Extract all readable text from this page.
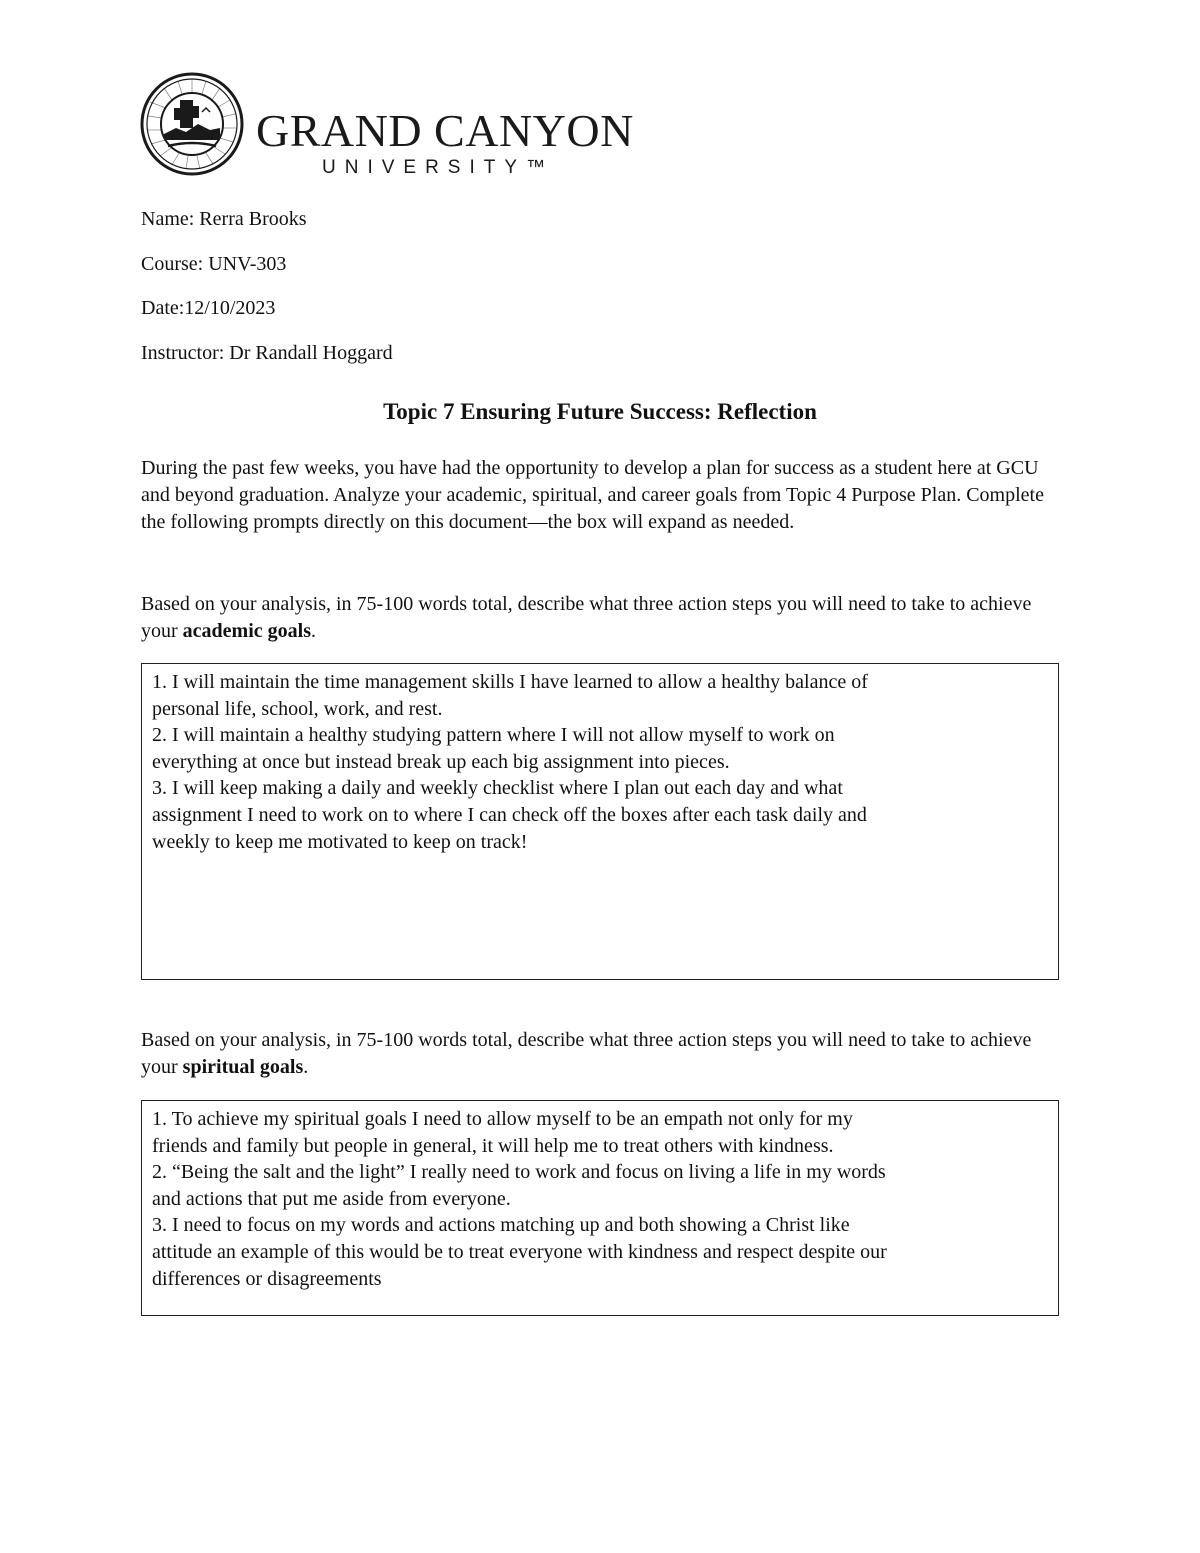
GRAND CANYON
UNIVERSITY™
Name: Rerra Brooks
Course: UNV-303
Date:12/10/2023
Instructor: Dr Randall Hoggard
Topic 7 Ensuring Future Success: Reflection
During the past few weeks, you have had the opportunity to develop a plan for success as a student here at GCU and beyond graduation. Analyze your academic, spiritual, and career goals from Topic 4 Purpose Plan. Complete the following prompts directly on this document—the box will expand as needed.
Based on your analysis, in 75-100 words total, describe what three action steps you will need to take to achieve your academic goals.
1. I will maintain the time management skills I have learned to allow a healthy balance of
personal life, school, work, and rest.
2. I will maintain a healthy studying pattern where I will not allow myself to work on
everything at once but instead break up each big assignment into pieces.
3. I will keep making a daily and weekly checklist where I plan out each day and what
assignment I need to work on to where I can check off the boxes after each task daily and
weekly to keep me motivated to keep on track!
Based on your analysis, in 75-100 words total, describe what three action steps you will need to take to achieve your spiritual goals.
1. To achieve my spiritual goals I need to allow myself to be an empath not only for my
friends and family but people in general, it will help me to treat others with kindness.
2. “Being the salt and the light” I really need to work and focus on living a life in my words
and actions that put me aside from everyone.
3. I need to focus on my words and actions matching up and both showing a Christ like
attitude an example of this would be to treat everyone with kindness and respect despite our
differences or disagreements
